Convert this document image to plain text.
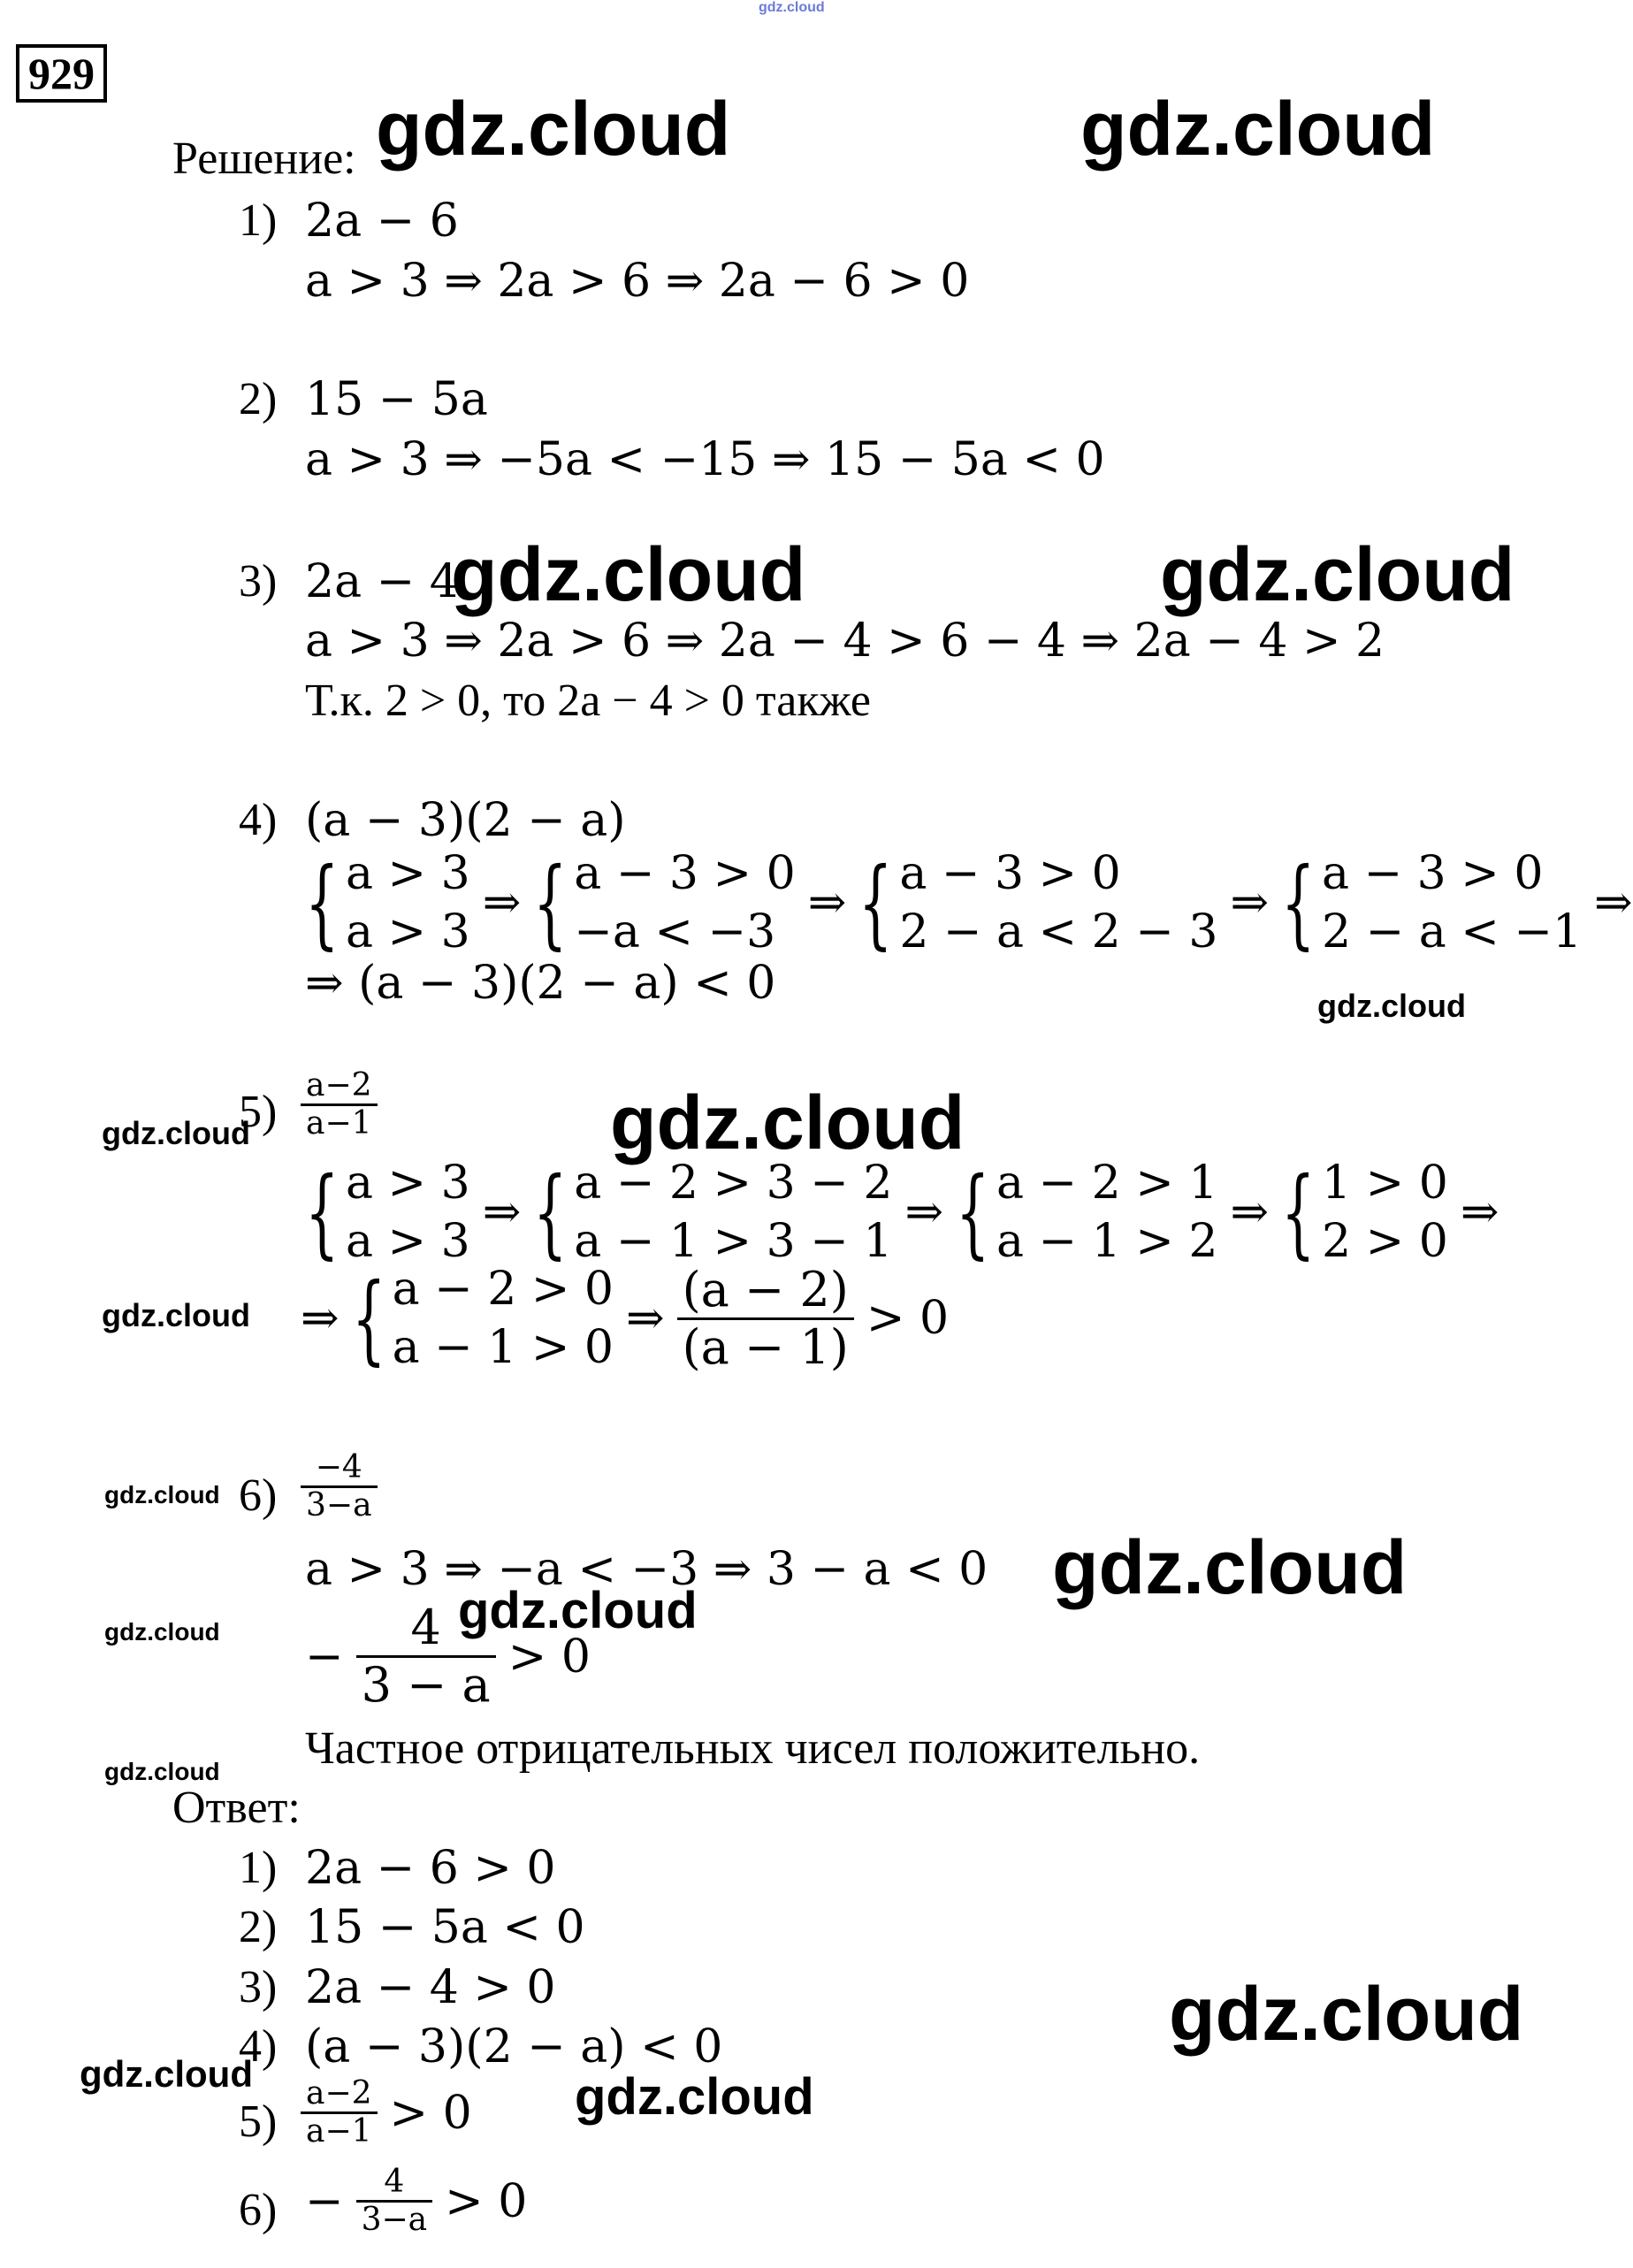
gdz.cloud
929
Решение:
1) 2a − 6
a > 3 ⇒ 2a > 6 ⇒ 2a − 6 > 0
2) 15 − 5a
a > 3 ⇒ −5a < −15 ⇒ 15 − 5a < 0
3) 2a − 4
a > 3 ⇒ 2a > 6 ⇒ 2a − 4 > 6 − 4 ⇒ 2a − 4 > 2
Т.к. 2 > 0, то 2a − 4 > 0 также
4) (a − 3)(2 − a)
{ a > 3
a > 3
⇒ { a − 3 > 0
−a < −3
⇒ { a − 3 > 0
2 − a < 2 − 3
⇒ { a − 3 > 0
2 − a < −1
⇒
⇒ (a − 3)(2 − a) < 0
$5) \frac{a-2}{a-1}$
{ a > 3
a > 3
⇒ { a − 2 > 3 − 2
a − 1 > 3 − 1
⇒ { a − 2 > 1
a − 1 > 2
⇒ { 1 > 0
2 > 0
⇒
⇒ { a − 2 > 0
a − 1 > 0
⇒ $\frac{(a - 2)}{(a - 1)} > 0$
$6) \frac{-4}{3-a}$
a > 3 ⇒ −a < −3 ⇒ 3 − a < 0
− $\frac{4}{3 - a} > 0$
Частное отрицательных чисел положительно.
Ответ:
1) 2a − 6 > 0
2) 15 − 5a < 0
3) 2a − 4 > 0
4) (a − 3)(2 − a) < 0
$5) \frac{a-2}{a-1} > 0$
$6) - \frac{4}{3-a} > 0$
gdz.cloud	gdz.cloud
gdz.cloud	gdz.cloud
gdz.cloud
gdz.cloud	gdz.cloud
gdz.cloud
gdz.cloud
gdz.cloud
gdz.cloud	gdz.cloud
gdz.cloud
gdz.cloud
gdz.cloud	gdz.cloud
